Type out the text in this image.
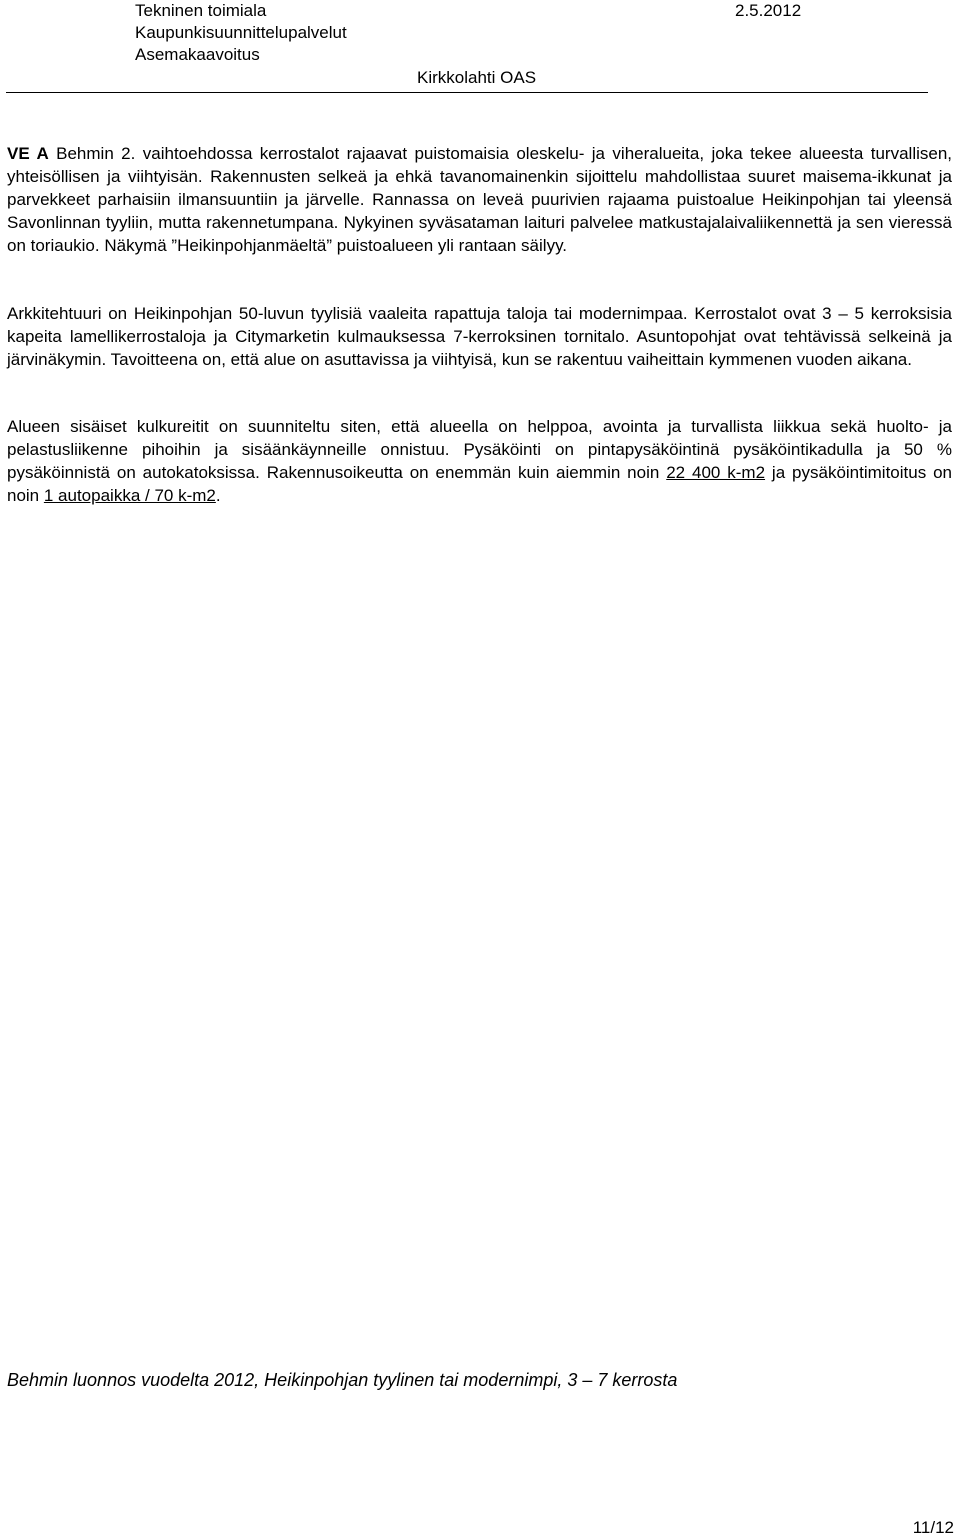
Tekninen toimiala
Kaupunkisuunnittelupalvelut
Asemakaavoitus
2.5.2012
Kirkkolahti OAS

VE A Behmin 2. vaihtoehdossa kerrostalot rajaavat puistomaisia oleskelu- ja viheralueita, joka tekee alueesta turvallisen, yhteisöllisen ja viihtyisän. Rakennusten selkeä ja ehkä tavanomainenkin sijoittelu mahdollistaa suuret maisema-ikkunat ja parvekkeet parhaisiin ilmansuuntiin ja järvelle. Rannassa on leveä puurivien rajaama puistoalue Heikinpohjan tai yleensä Savonlinnan tyyliin, mutta rakennetumpana. Nykyinen syväsataman laituri palvelee matkustajalaivaliikennettä ja sen vieressä on toriaukio. Näkymä ”Heikinpohjanmäeltä” puistoalueen yli rantaan säilyy.

Arkkitehtuuri on Heikinpohjan 50-luvun tyylisiä vaaleita rapattuja taloja tai modernimpaa. Kerrostalot ovat 3 – 5 kerroksisia kapeita lamellikerrostaloja ja Citymarketin kulmauksessa 7-kerroksinen tornitalo. Asuntopohjat ovat tehtävissä selkeinä ja järvinäkymin. Tavoitteena on, että alue on asuttavissa ja viihtyisä, kun se rakentuu vaiheittain kymmenen vuoden aikana.

Alueen sisäiset kulkureitit on suunniteltu siten, että alueella on helppoa, avointa ja turvallista liikkua sekä huolto- ja pelastusliikenne pihoihin ja sisäänkäynneille onnistuu. Pysäköinti on pintapysäköintinä pysäköintikadulla ja 50 % pysäköinnistä on autokatoksissa. Rakennusoikeutta on enemmän kuin aiemmin noin 22 400 k-m2 ja pysäköintimitoitus on noin 1 autopaikka / 70 k-m2.

Behmin luonnos vuodelta 2012, Heikinpohjan tyylinen tai modernimpi, 3 – 7 kerrosta
11/12
